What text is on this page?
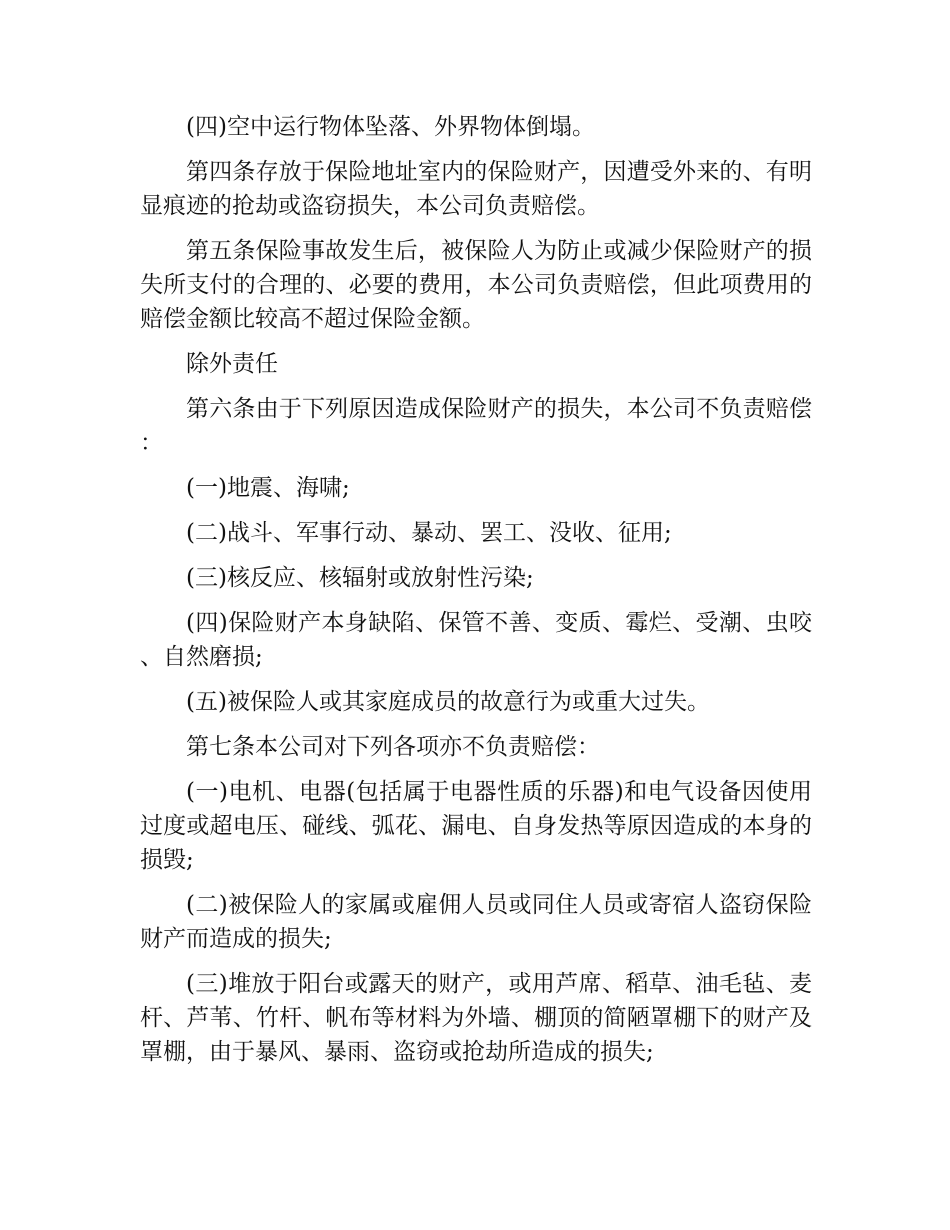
(四)空中运行物体坠落、外界物体倒塌。

第四条存放于保险地址室内的保险财产，因遭受外来的、有明显痕迹的抢劫或盗窃损失，本公司负责赔偿。

第五条保险事故发生后，被保险人为防止或减少保险财产的损失所支付的合理的、必要的费用，本公司负责赔偿，但此项费用的赔偿金额比较高不超过保险金额。

除外责任

第六条由于下列原因造成保险财产的损失，本公司不负责赔偿：

(一)地震、海啸;

(二)战斗、军事行动、暴动、罢工、没收、征用;

(三)核反应、核辐射或放射性污染;

(四)保险财产本身缺陷、保管不善、变质、霉烂、受潮、虫咬、自然磨损;

(五)被保险人或其家庭成员的故意行为或重大过失。

第七条本公司对下列各项亦不负责赔偿：

(一)电机、电器(包括属于电器性质的乐器)和电气设备因使用过度或超电压、碰线、弧花、漏电、自身发热等原因造成的本身的损毁;

(二)被保险人的家属或雇佣人员或同住人员或寄宿人盗窃保险财产而造成的损失;

(三)堆放于阳台或露天的财产，或用芦席、稻草、油毛毡、麦杆、芦苇、竹杆、帆布等材料为外墙、棚顶的简陋罩棚下的财产及罩棚，由于暴风、暴雨、盗窃或抢劫所造成的损失;
